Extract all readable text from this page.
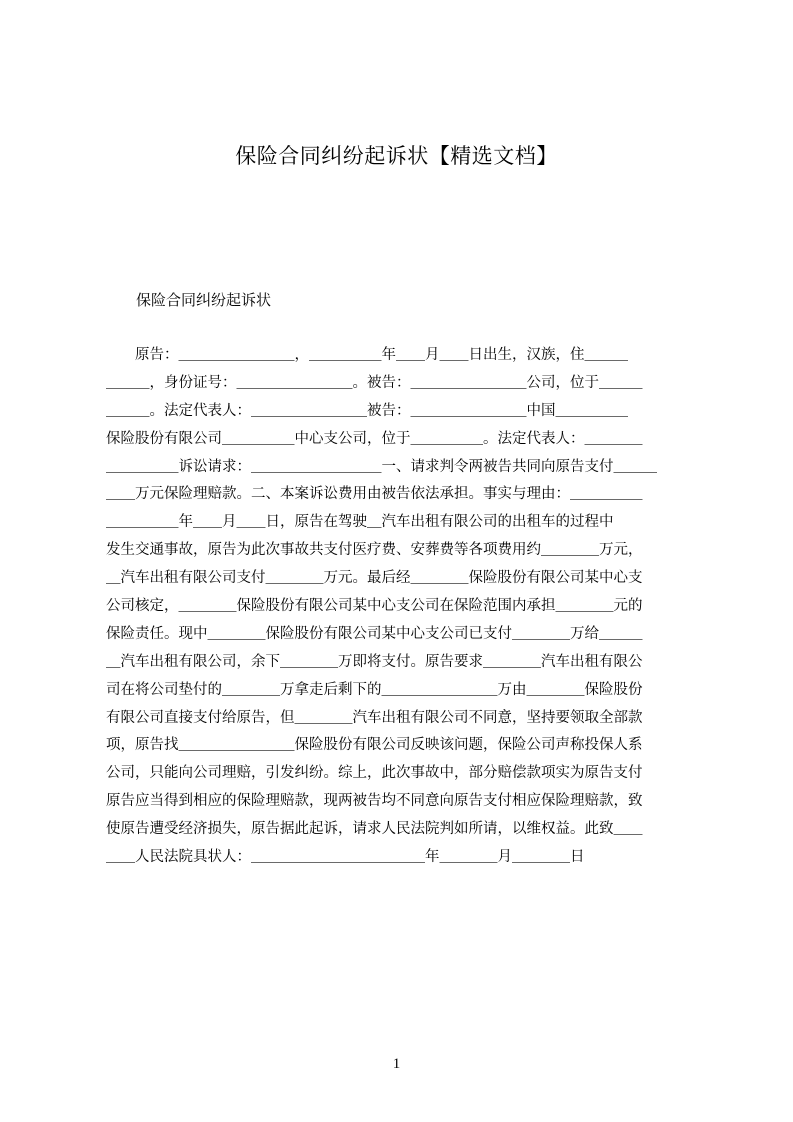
保险合同纠纷起诉状【精选文档】
保险合同纠纷起诉状
　　原告：＿＿＿＿＿＿＿＿，＿＿＿＿＿年＿＿月＿＿日出生，汉族，住＿＿＿
＿＿＿，身份证号：＿＿＿＿＿＿＿＿。被告：＿＿＿＿＿＿＿＿公司，位于＿＿＿
＿＿＿。法定代表人：＿＿＿＿＿＿＿＿被告：＿＿＿＿＿＿＿＿中国＿＿＿＿＿
保险股份有限公司＿＿＿＿＿中心支公司，位于＿＿＿＿＿。法定代表人：＿＿＿＿
＿＿＿＿＿诉讼请求：＿＿＿＿＿＿＿＿＿一、请求判令两被告共同向原告支付＿＿＿
＿＿万元保险理赔款。二、本案诉讼费用由被告依法承担。事实与理由：＿＿＿＿＿
＿＿＿＿＿年＿＿月＿＿日，原告在驾驶＿汽车出租有限公司的出租车的过程中
发生交通事故，原告为此次事故共支付医疗费、安葬费等各项费用约＿＿＿＿万元，
＿汽车出租有限公司支付＿＿＿＿万元。最后经＿＿＿＿保险股份有限公司某中心支
公司核定，＿＿＿＿保险股份有限公司某中心支公司在保险范围内承担＿＿＿＿元的
保险责任。现中＿＿＿＿保险股份有限公司某中心支公司已支付＿＿＿＿万给＿＿＿
＿汽车出租有限公司，余下＿＿＿＿万即将支付。原告要求＿＿＿＿汽车出租有限公
司在将公司垫付的＿＿＿＿万拿走后剩下的＿＿＿＿＿＿＿＿万由＿＿＿＿保险股份
有限公司直接支付给原告，但＿＿＿＿汽车出租有限公司不同意，坚持要领取全部款
项，原告找＿＿＿＿＿＿＿＿保险股份有限公司反映该问题，保险公司声称投保人系
公司，只能向公司理赔，引发纠纷。综上，此次事故中，部分赔偿款项实为原告支付
原告应当得到相应的保险理赔款，现两被告均不同意向原告支付相应保险理赔款，致
使原告遭受经济损失，原告据此起诉，请求人民法院判如所请，以维权益。此致＿＿
＿＿人民法院具状人：＿＿＿＿＿＿＿＿＿＿＿＿年＿＿＿＿月＿＿＿＿日
1
